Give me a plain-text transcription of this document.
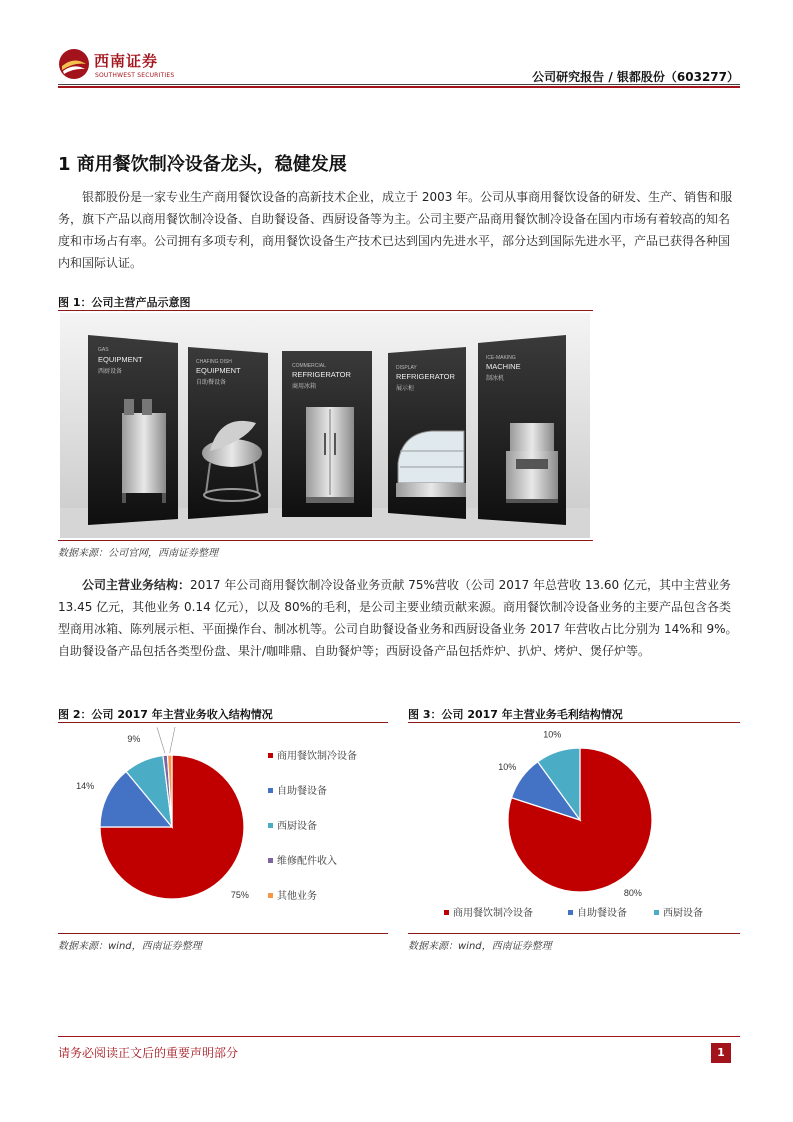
西南证券
SOUTHWEST SECURITIES	公司研究报告 / 银都股份（603277）
1 商用餐饮制冷设备龙头，稳健发展
银都股份是一家专业生产商用餐饮设备的高新技术企业，成立于 2003 年。公司从事商用餐饮设备的研发、生产、销售和服务，旗下产品以商用餐饮制冷设备、自助餐设备、西厨设备等为主。公司主要产品商用餐饮制冷设备在国内市场有着较高的知名度和市场占有率。公司拥有多项专利，商用餐饮设备生产技术已达到国内先进水平，部分达到国际先进水平，产品已获得各种国内和国际认证。
图 1：公司主营产品示意图
GAS
EQUIPMENT
西厨设备
CHAFING DISH
EQUIPMENT
自助餐设备
COMMERCIAL
REFRIGERATOR
商用冰箱
DISPLAY
REFRIGERATOR
展示柜
ICE-MAKING
MACHINE
制冰机
数据来源：公司官网，西南证券整理
公司主营业务结构：2017 年公司商用餐饮制冷设备业务贡献 75%营收（公司 2017 年总营收 13.60 亿元，其中主营业务 13.45 亿元，其他业务 0.14 亿元），以及 80%的毛利，是公司主要业绩贡献来源。商用餐饮制冷设备业务的主要产品包含各类型商用冰箱、陈列展示柜、平面操作台、制冰机等。公司自助餐设备业务和西厨设备业务 2017 年营收占比分别为 14%和 9%。自助餐设备产品包括各类型份盘、果汁/咖啡鼎、自助餐炉等；西厨设备产品包括炸炉、扒炉、烤炉、煲仔炉等。
图 2：公司 2017 年主营业务收入结构情况
75%
14%
9%
商用餐饮制冷设备
自助餐设备
西厨设备
维修配件收入
其他业务
数据来源：wind，西南证券整理
图 3：公司 2017 年主营业务毛利结构情况
80%
10%
10%
商用餐饮制冷设备	自助餐设备	西厨设备
数据来源：wind，西南证券整理
请务必阅读正文后的重要声明部分	1
